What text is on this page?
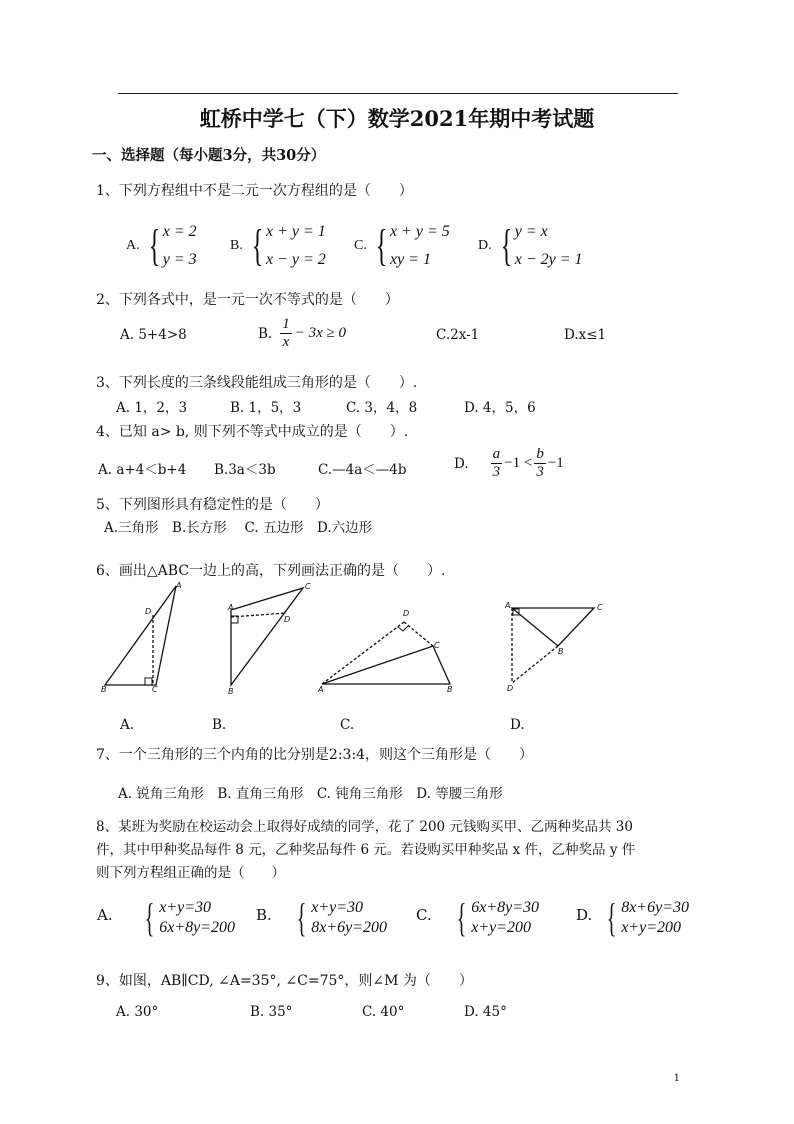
虹桥中学七（下）数学2021年期中考试题
一、选择题（每小题3分，共30分）
1、下列方程组中不是二元一次方程组的是（　　）
A. { x = 2
y = 3
B. { x + y = 1
x − y = 2
C. { x + y = 5
xy = 1
D. { y = x
x − 2y = 1
2、下列各式中，是一元一次不等式的是（　　）
A. 5+4>8	B. $\frac{1}{x} - 3x \ge 0$	C.2x-1	D.x≤1
3、下列长度的三条线段能组成三角形的是（　　）.
A. 1，2，3	B. 1，5，3	C. 3，4，8	D. 4，5，6
4、已知 a> b, 则下列不等式中成立的是（　　）.
A. a+4＜b+4 B.3a＜3b	C.—4a＜—4b	D. $\frac{a}{3} -1 < \frac{b}{3} -1$
5、下列图形具有稳定性的是（　　）
A.三角形　B.长方形　 C. 五边形　D.六边形
6、画出△ABC一边上的高，下列画法正确的是（　　）.
B	C
A
D	A
C
D
B	A
D
C
B
A	C
B
D
A.	B.	C.	D.
7、一个三角形的三个内角的比分别是2:3:4，则这个三角形是（　　）
A. 锐角三角形　B. 直角三角形　C. 钝角三角形　D. 等腰三角形
8、某班为奖励在校运动会上取得好成绩的同学，花了 200 元钱购买甲、乙两种奖品共 30
件，其中甲种奖品每件 8 元，乙种奖品每件 6 元。若设购买甲种奖品 x 件，乙种奖品 y 件
则下列方程组正确的是（　　）
A. { x+y=30
6x+8y=200
B. { x+y=30
8x+6y=200
C. { 6x+8y=30
x+y=200
D. { 8x+6y=30
x+y=200
9、如图，AB∥CD, ∠A=35°, ∠C=75°，则∠M 为（　　）
A. 30°	B. 35°	C. 40°	D. 45°
1
